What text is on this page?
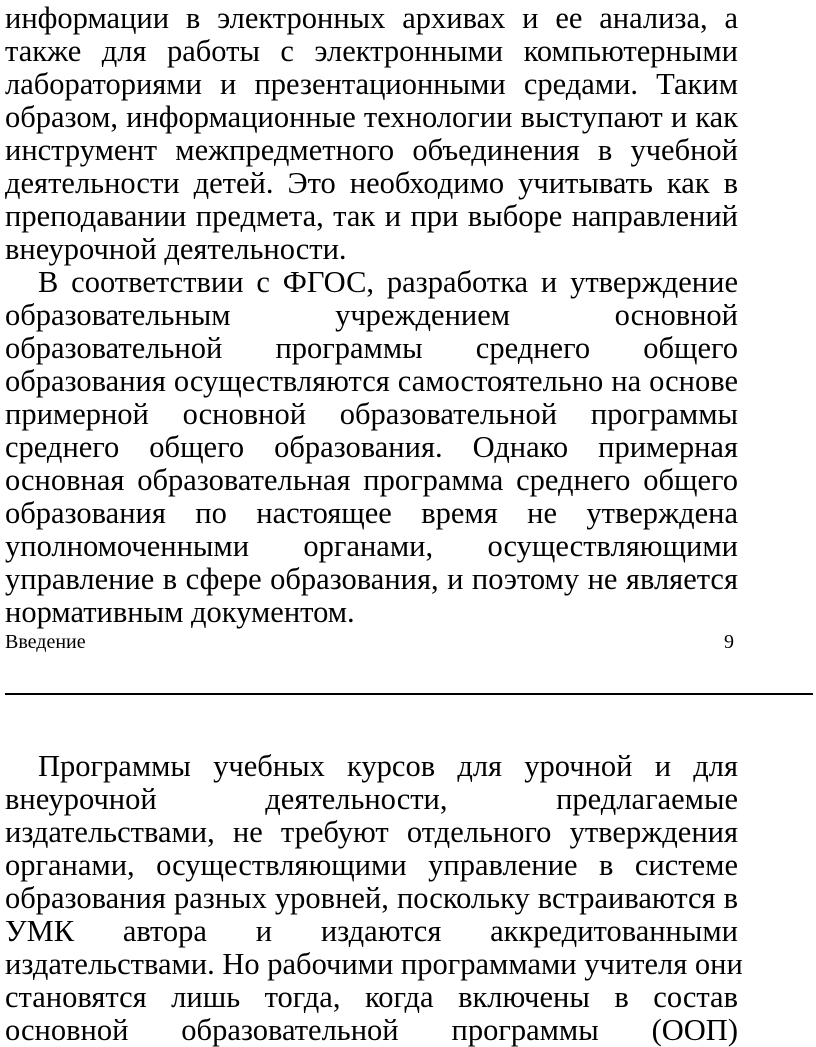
информации в электронных архивах и ее анализа, а

также для работы с электронными компьютерными

лабораториями и презентационными средами. Таким

образом, информационные технологии выступают и как

инструмент межпредметного объединения в учебной

деятельности детей. Это необходимо учитывать как в

преподавании предмета, так и при выборе направлений

внеурочной деятельности.

В соответствии с ФГОС, разработка и утверждение

образовательным учреждением основной

образовательной программы среднего общего

образования осуществляются самостоятельно на основе

примерной основной образовательной программы

среднего общего образования. Однако примерная

основная образовательная программа среднего общего

образования по настоящее время не утверждена

уполномоченными органами, осуществляющими

управление в сфере образования, и поэтому не является

нормативным документом.

Введение	9

Программы учебных курсов для урочной и для

внеурочной деятельности, предлагаемые

издательствами, не требуют отдельного утверждения

органами, осуществляющими управление в системе

образования разных уровней, поскольку встраиваются в

УМК автора и издаются аккредитованными

издательствами. Но рабочими программами учителя они

становятся лишь тогда, когда включены в состав

основной образовательной программы (ООП)
